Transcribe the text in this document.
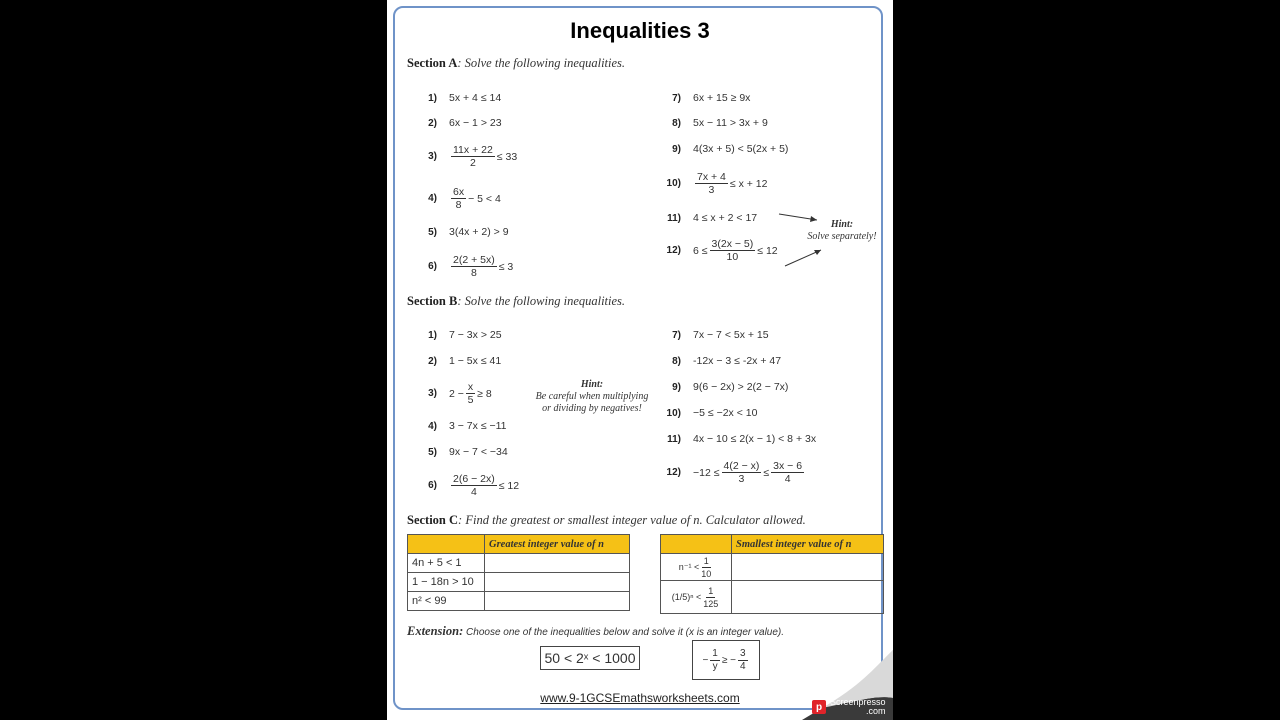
Inequalities 3
Section A: Solve the following inequalities.
1) 5x + 4 ≤ 14
2) 6x − 1 > 23
$3) \frac{11x + 22}{2} \le 33$
$4) \frac{6x}{8} - 5 < 4$
5) 3(4x + 2) > 9
$6) \frac{2(2 + 5x)}{8} \le 3$
7) 6x + 15 ≥ 9x
8) 5x − 11 > 3x + 9
9) 4(3x + 5) < 5(2x + 5)
$10) \frac{7x + 4}{3} \le x + 12$
11) 4 ≤ x + 2 < 17
12) $6 \le \frac{3(2x - 5)}{10} \le 12$
Hint:
Solve separately!
Section B: Solve the following inequalities.
1) 7 − 3x > 25
2) 1 − 5x ≤ 41
3) $2 - \frac{x}{5} \ge 8$
4) 3 − 7x ≤ −11
5) 9x − 7 < −34
$6) \frac{2(6 - 2x)}{4} \le 12$
Hint:
Be careful when multiplying
or dividing by negatives!
7) 7x − 7 < 5x + 15
8) -12x − 3 ≤ -2x + 47
9) 9(6 − 2x) > 2(2 − 7x)
10) −5 ≤ −2x < 10
11) 4x − 10 ≤ 2(x − 1) < 8 + 3x
$12) -12 \le \frac{4(2 - x)}{3} \le \frac{3x - 6}{4}$
Section C: Find the greatest or smallest integer value of n. Calculator allowed.
	Greatest integer value of n
4n + 5 < 1	
1 − 18n > 10	
n² < 99	
	Smallest integer value of n
$n^{-1} < \frac{1}{10}$

$(1/5)^n < \frac{1}{125}$

Extension: Choose one of the inequalities below and solve it (x is an integer value).
50 < 2ˣ < 1000	− $\frac{1}{y}$ ≥ − $\frac{3}{4}$
www.9-1GCSEmathsworksheets.com
p Screenpresso
.com
